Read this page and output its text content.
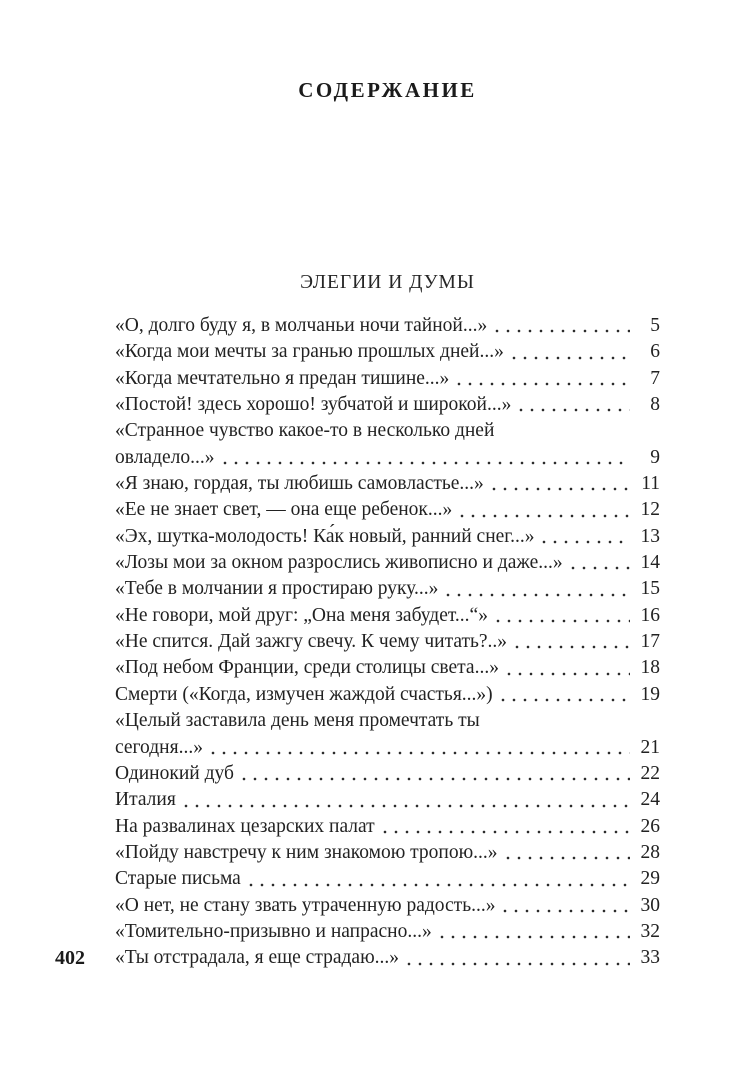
СОДЕРЖАНИЕ
ЭЛЕГИИ И ДУМЫ
«О, долго буду я, в молчаньи ночи тайной...»	5
«Когда мои мечты за гранью прошлых дней...»	6
«Когда мечтательно я предан тишине...»	7
«Постой! здесь хорошо! зубчатой и широкой...»	8
«Странное чувство какое-то в несколько дней
овладело...»	9
«Я знаю, гордая, ты любишь самовластье...»	11
«Ее не знает свет, — она еще ребенок...»	12
«Эх, шутка-молодость! Ка́к новый, ранний снег...»	13
«Лозы мои за окном разрослись живописно и даже...»	14
«Тебе в молчании я простираю руку...»	15
«Не говори, мой друг: „Она меня забудет...“»	16
«Не спится. Дай зажгу свечу. К чему читать?..»	17
«Под небом Франции, среди столицы света...»	18
Смерти («Когда, измучен жаждой счастья...»)	19
«Целый заставила день меня промечтать ты
сегодня...»	21
Одинокий дуб	22
Италия	24
На развалинах цезарских палат	26
«Пойду навстречу к ним знакомою тропою...»	28
Старые письма	29
«О нет, не стану звать утраченную радость...»	30
«Томительно-призывно и напрасно...»	32
«Ты отстрадала, я еще страдаю...»	33
402
